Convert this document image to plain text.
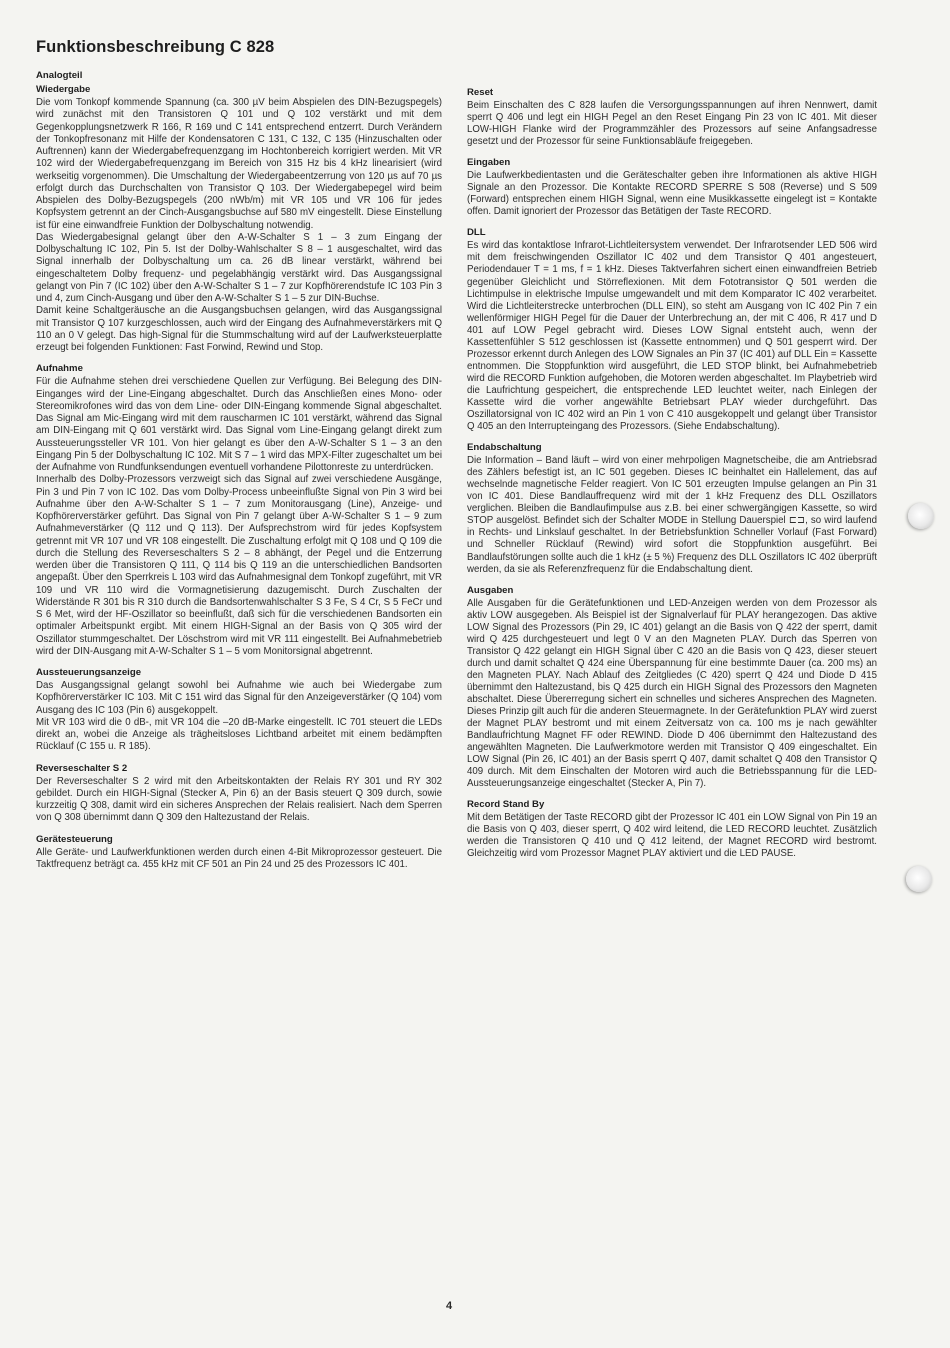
Funktionsbeschreibung C 828
Analogteil
Wiedergabe

Die vom Tonkopf kommende Spannung (ca. 300 µV beim Abspielen des DIN-Bezugspegels) wird zunächst mit den Transistoren Q 101 und Q 102 verstärkt und mit dem Gegenkopplungsnetzwerk R 166, R 169 und C 141 entsprechend entzerrt. Durch Verändern der Tonkopfresonanz mit Hilfe der Kondensatoren C 131, C 132, C 135 (Hinzuschalten oder Auftrennen) kann der Wiedergabefrequenzgang im Hochtonbereich korrigiert werden. Mit VR 102 wird der Wiedergabefrequenzgang im Bereich von 315 Hz bis 4 kHz linearisiert (wird werkseitig vorgenommen). Die Umschaltung der Wiedergabeentzerrung von 120 µs auf 70 µs erfolgt durch das Durchschalten von Transistor Q 103. Der Wiedergabepegel wird beim Abspielen des Dolby-Bezugspegels (200 nWb/m) mit VR 105 und VR 106 für jedes Kopfsystem getrennt an der Cinch-Ausgangsbuchse auf 580 mV eingestellt. Diese Einstellung ist für eine einwandfreie Funktion der Dolbyschaltung notwendig.

Das Wiedergabesignal gelangt über den A-W-Schalter S 1 – 3 zum Eingang der Dolbyschaltung IC 102, Pin 5. Ist der Dolby-Wahlschalter S 8 – 1 ausgeschaltet, wird das Signal innerhalb der Dolbyschaltung um ca. 26 dB linear verstärkt, während bei eingeschaltetem Dolby frequenz- und pegelabhängig verstärkt wird. Das Ausgangssignal gelangt von Pin 7 (IC 102) über den A-W-Schalter S 1 – 7 zur Kopfhörerendstufe IC 103 Pin 3 und 4, zum Cinch-Ausgang und über den A-W-Schalter S 1 – 5 zur DIN-Buchse.

Damit keine Schaltgeräusche an die Ausgangsbuchsen gelangen, wird das Ausgangssignal mit Transistor Q 107 kurzgeschlossen, auch wird der Eingang des Aufnahmeverstärkers mit Q 110 an 0 V gelegt. Das high-Signal für die Stummschaltung wird auf der Laufwerksteuerplatte erzeugt bei folgenden Funktionen: Fast Forwind, Rewind und Stop.

Aufnahme

Für die Aufnahme stehen drei verschiedene Quellen zur Verfügung. Bei Belegung des DIN-Einganges wird der Line-Eingang abgeschaltet. Durch das Anschließen eines Mono- oder Stereomikrofones wird das von dem Line- oder DIN-Eingang kommende Signal abgeschaltet. Das Signal am Mic-Eingang wird mit dem rauscharmen IC 101 verstärkt, während das Signal am DIN-Eingang mit Q 601 verstärkt wird. Das Signal vom Line-Eingang gelangt direkt zum Aussteuerungssteller VR 101. Von hier gelangt es über den A-W-Schalter S 1 – 3 an den Eingang Pin 5 der Dolbyschaltung IC 102. Mit S 7 – 1 wird das MPX-Filter zugeschaltet um bei der Aufnahme von Rundfunksendungen eventuell vorhandene Pilottonreste zu unterdrücken.

Innerhalb des Dolby-Prozessors verzweigt sich das Signal auf zwei verschiedene Ausgänge, Pin 3 und Pin 7 von IC 102. Das vom Dolby-Process unbeeinflußte Signal von Pin 3 wird bei Aufnahme über den A-W-Schalter S 1 – 7 zum Monitorausgang (Line), Anzeige- und Kopfhörerverstärker geführt. Das Signal von Pin 7 gelangt über A-W-Schalter S 1 – 9 zum Aufnahmeverstärker (Q 112 und Q 113). Der Aufsprechstrom wird für jedes Kopfsystem getrennt mit VR 107 und VR 108 eingestellt. Die Zuschaltung erfolgt mit Q 108 und Q 109 die durch die Stellung des Reverseschalters S 2 – 8 abhängt, der Pegel und die Entzerrung werden über die Transistoren Q 111, Q 114 bis Q 119 an die unterschiedlichen Bandsorten angepaßt. Über den Sperrkreis L 103 wird das Aufnahmesignal dem Tonkopf zugeführt, mit VR 109 und VR 110 wird die Vormagnetisierung dazugemischt. Durch Zuschalten der Widerstände R 301 bis R 310 durch die Bandsortenwahlschalter S 3 Fe, S 4 Cr, S 5 FeCr und S 6 Met, wird der HF-Oszillator so beeinflußt, daß sich für die verschiedenen Bandsorten ein optimaler Arbeitspunkt ergibt. Mit einem HIGH-Signal an der Basis von Q 305 wird der Oszillator stummgeschaltet. Der Löschstrom wird mit VR 111 eingestellt. Bei Aufnahmebetrieb wird der DIN-Ausgang mit A-W-Schalter S 1 – 5 vom Monitorsignal abgetrennt.

Aussteuerungsanzeige

Das Ausgangssignal gelangt sowohl bei Aufnahme wie auch bei Wiedergabe zum Kopfhörerverstärker IC 103. Mit C 151 wird das Signal für den Anzeigeverstärker (Q 104) vom Ausgang des IC 103 (Pin 6) ausgekoppelt.

Mit VR 103 wird die 0 dB-, mit VR 104 die –20 dB-Marke eingestellt. IC 701 steuert die LEDs direkt an, wobei die Anzeige als trägheitsloses Lichtband arbeitet mit einem bedämpften Rücklauf (C 155 u. R 185).

Reverseschalter S 2

Der Reverseschalter S 2 wird mit den Arbeitskontakten der Relais RY 301 und RY 302 gebildet. Durch ein HIGH-Signal (Stecker A, Pin 6) an der Basis steuert Q 309 durch, sowie kurzzeitig Q 308, damit wird ein sicheres Ansprechen der Relais realisiert. Nach dem Sperren von Q 308 übernimmt dann Q 309 den Haltezustand der Relais.

Gerätesteuerung

Alle Geräte- und Laufwerkfunktionen werden durch einen 4-Bit Mikroprozessor gesteuert. Die Taktfrequenz beträgt ca. 455 kHz mit CF 501 an Pin 24 und 25 des Prozessors IC 401.

Reset

Beim Einschalten des C 828 laufen die Versorgungsspannungen auf ihren Nennwert, damit sperrt Q 406 und legt ein HIGH Pegel an den Reset Eingang Pin 23 von IC 401. Mit dieser LOW-HIGH Flanke wird der Programmzähler des Prozessors auf seine Anfangsadresse gesetzt und der Prozessor für seine Funktionsabläufe freigegeben.

Eingaben

Die Laufwerkbedientasten und die Geräteschalter geben ihre Informationen als aktive HIGH Signale an den Prozessor. Die Kontakte RECORD SPERRE S 508 (Reverse) und S 509 (Forward) entsprechen einem HIGH Signal, wenn eine Musikkassette eingelegt ist = Kontakte offen. Damit ignoriert der Prozessor das Betätigen der Taste RECORD.

DLL

Es wird das kontaktlose Infrarot-Lichtleitersystem verwendet. Der Infrarotsender LED 506 wird mit dem freischwingenden Oszillator IC 402 und dem Transistor Q 401 angesteuert, Periodendauer T = 1 ms, f = 1 kHz. Dieses Taktverfahren sichert einen einwandfreien Betrieb gegenüber Gleichlicht und Störreflexionen. Mit dem Fototransistor Q 501 werden die Lichtimpulse in elektrische Impulse umgewandelt und mit dem Komparator IC 402 verarbeitet. Wird die Lichtleiterstrecke unterbrochen (DLL EIN), so steht am Ausgang von IC 402 Pin 7 ein wellenförmiger HIGH Pegel für die Dauer der Unterbrechung an, der mit C 406, R 417 und D 401 auf LOW Pegel gebracht wird. Dieses LOW Signal entsteht auch, wenn der Kassettenfühler S 512 geschlossen ist (Kassette entnommen) und Q 501 gesperrt wird. Der Prozessor erkennt durch Anlegen des LOW Signales an Pin 37 (IC 401) auf DLL Ein = Kassette entnommen. Die Stoppfunktion wird ausgeführt, die LED STOP blinkt, bei Aufnahmebetrieb wird die RECORD Funktion aufgehoben, die Motoren werden abgeschaltet. Im Playbetrieb wird die Laufrichtung gespeichert, die entsprechende LED leuchtet weiter, nach Einlegen der Kassette wird die vorher angewählte Betriebsart PLAY wieder durchgeführt. Das Oszillatorsignal von IC 402 wird an Pin 1 von C 410 ausgekoppelt und gelangt über Transistor Q 405 an den Interrupteingang des Prozessors. (Siehe Endabschaltung).

Endabschaltung

Die Information – Band läuft – wird von einer mehrpoligen Magnetscheibe, die am Antriebsrad des Zählers befestigt ist, an IC 501 gegeben. Dieses IC beinhaltet ein Hallelement, das auf wechselnde magnetische Felder reagiert. Von IC 501 erzeugten Impulse gelangen an Pin 31 von IC 401. Diese Bandlauffrequenz wird mit der 1 kHz Frequenz des DLL Oszillators verglichen. Bleiben die Bandlaufimpulse aus z.B. bei einer schwergängigen Kassette, so wird STOP ausgelöst. Befindet sich der Schalter MODE in Stellung Dauerspiel ⊏⊐, so wird laufend in Rechts- und Linkslauf geschaltet. In der Betriebsfunktion Schneller Vorlauf (Fast Forward) und Schneller Rücklauf (Rewind) wird sofort die Stoppfunktion ausgeführt. Bei Bandlaufstörungen sollte auch die 1 kHz (± 5 %) Frequenz des DLL Oszillators IC 402 überprüft werden, da sie als Referenzfrequenz für die Endabschaltung dient.

Ausgaben

Alle Ausgaben für die Gerätefunktionen und LED-Anzeigen werden von dem Prozessor als aktiv LOW ausgegeben. Als Beispiel ist der Signalverlauf für PLAY herangezogen. Das aktive LOW Signal des Prozessors (Pin 29, IC 401) gelangt an die Basis von Q 422 der sperrt, damit wird Q 425 durchgesteuert und legt 0 V an den Magneten PLAY. Durch das Sperren von Transistor Q 422 gelangt ein HIGH Signal über C 420 an die Basis von Q 423, dieser steuert durch und damit schaltet Q 424 eine Überspannung für eine bestimmte Dauer (ca. 200 ms) an den Magneten PLAY. Nach Ablauf des Zeitgliedes (C 420) sperrt Q 424 und Diode D 415 übernimmt den Haltezustand, bis Q 425 durch ein HIGH Signal des Prozessors den Magneten abschaltet. Diese Übererregung sichert ein schnelles und sicheres Ansprechen des Magneten. Dieses Prinzip gilt auch für die anderen Steuermagnete. In der Gerätefunktion PLAY wird zuerst der Magnet PLAY bestromt und mit einem Zeitversatz von ca. 100 ms je nach gewählter Bandlaufrichtung Magnet FF oder REWIND. Diode D 406 übernimmt den Haltezustand des angewählten Magneten. Die Laufwerkmotore werden mit Transistor Q 409 eingeschaltet. Ein LOW Signal (Pin 26, IC 401) an der Basis sperrt Q 407, damit schaltet Q 408 den Transistor Q 409 durch. Mit dem Einschalten der Motoren wird auch die Betriebsspannung für die LED-Aussteuerungsanzeige eingeschaltet (Stecker A, Pin 7).

Record Stand By

Mit dem Betätigen der Taste RECORD gibt der Prozessor IC 401 ein LOW Signal von Pin 19 an die Basis von Q 403, dieser sperrt, Q 402 wird leitend, die LED RECORD leuchtet. Zusätzlich werden die Transistoren Q 410 und Q 412 leitend, der Magnet RECORD wird bestromt. Gleichzeitig wird vom Prozessor Magnet PLAY aktiviert und die LED PAUSE.

4
